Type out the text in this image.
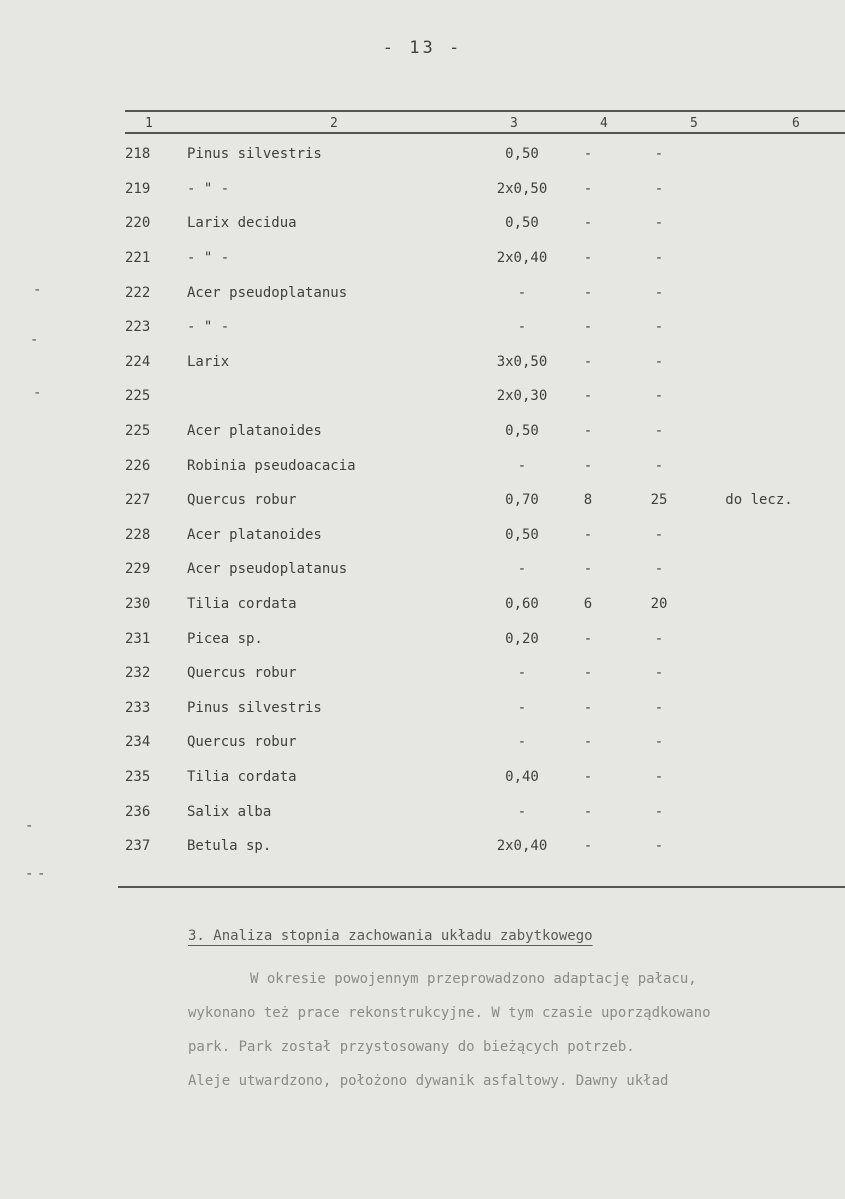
- 13 -
1	2	3	4	5	6
218	Pinus silvestris	0,50	-	-	
219	- " -	2x0,50	-	-	
220	Larix decidua	0,50	-	-	
221	- " -	2x0,40	-	-	
222	Acer pseudoplatanus	-	-	-	
223	- " -	-	-	-	
224	Larix	3x0,50	-	-	
225		2x0,30	-	-	
225	Acer platanoides	0,50	-	-	
226	Robinia pseudoacacia	-	-	-	
227	Quercus robur	0,70	8	25	do lecz.
228	Acer platanoides	0,50	-	-	
229	Acer pseudoplatanus	-	-	-	
230	Tilia cordata	0,60	6	20	
231	Picea sp.	0,20	-	-	
232	Quercus robur	-	-	-	
233	Pinus silvestris	-	-	-	
234	Quercus robur	-	-	-	
235	Tilia cordata	0,40	-	-	
236	Salix alba	-	-	-	
237	Betula sp.	2x0,40	-	-	
-
-
-
-
- -
3. Analiza stopnia zachowania układu zabytkowego
W okresie powojennym przeprowadzono adaptację pałacu,
wykonano też prace rekonstrukcyjne. W tym czasie uporządkowano
park. Park został przystosowany do bieżących potrzeb.
Aleje utwardzono, położono dywanik asfaltowy. Dawny układ
